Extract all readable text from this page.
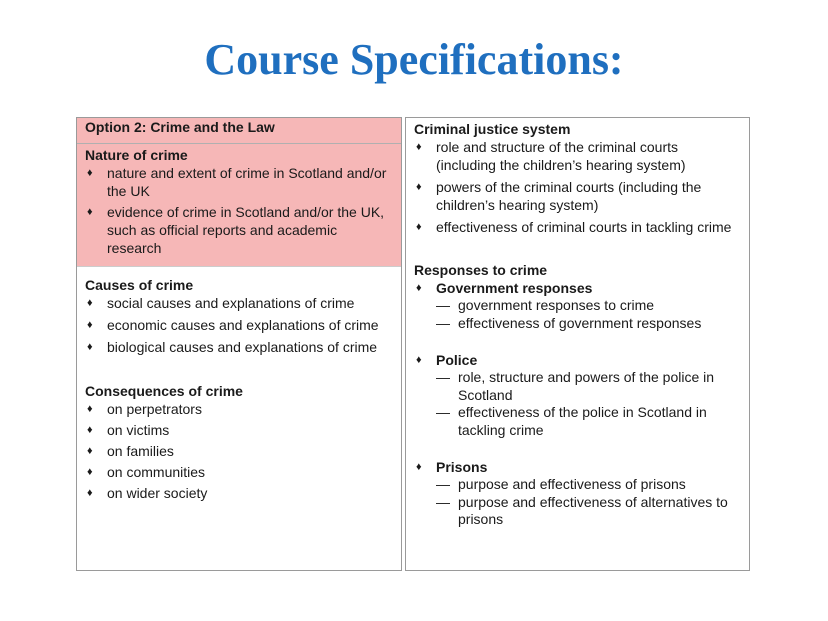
Course Specifications:
Option 2: Crime and the Law
Nature of crime
♦ nature and extent of crime in Scotland and/or the UK
♦ evidence of crime in Scotland and/or the UK, such as official reports and academic research
Causes of crime
♦ social causes and explanations of crime
♦ economic causes and explanations of crime
♦ biological causes and explanations of crime
Consequences of crime
♦ on perpetrators
♦ on victims
♦ on families
♦ on communities
♦ on wider society
Criminal justice system
♦ role and structure of the criminal courts (including the children’s hearing system)
♦ powers of the criminal courts (including the children’s hearing system)
♦ effectiveness of criminal courts in tackling crime
Responses to crime
♦ Government responses
— government responses to crime
— effectiveness of government responses
♦ Police
— role, structure and powers of the police in Scotland
— effectiveness of the police in Scotland in tackling crime
♦ Prisons
— purpose and effectiveness of prisons
— purpose and effectiveness of alternatives to prisons
